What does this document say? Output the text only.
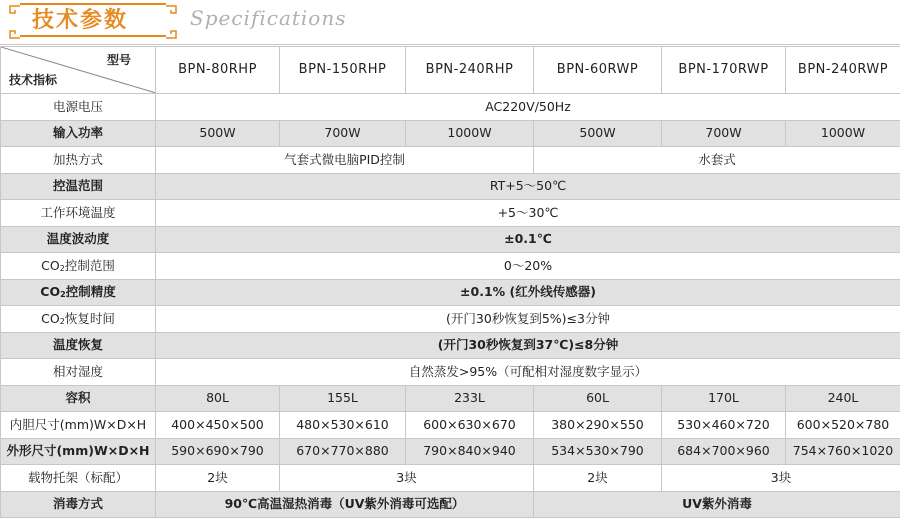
技术参数	Specifications
型号
技术指标	BPN-80RHP	BPN-150RHP	BPN-240RHP	BPN-60RWP	BPN-170RWP	BPN-240RWP
电源电压	AC220V/50Hz					
输入功率	500W	700W	1000W	500W	700W	1000W
加热方式	气套式微电脑PID控制			水套式		
控温范围	RT+5～50℃					
工作环境温度	+5～30℃					
温度波动度	±0.1℃					
$CO_2$控制范围	0～20%					
$CO_2$控制精度	±0.1% (红外线传感器)					
$CO_2$恢复时间	(开门30秒恢复到5%)≤3分钟					
温度恢复	(开门30秒恢复到37℃)≤8分钟					
相对湿度	自然蒸发>95%（可配相对湿度数字显示）					
容积	80L	155L	233L	60L	170L	240L
内胆尺寸(mm)W×D×H	400×450×500	480×530×610	600×630×670	380×290×550	530×460×720	600×520×780
外形尺寸(mm)W×D×H	590×690×790	670×770×880	790×840×940	534×530×790	684×700×960	754×760×1020
载物托架（标配）	2块	3块		2块	3块	
消毒方式	90℃高温湿热消毒（UV紫外消毒可选配）			UV紫外消毒		
